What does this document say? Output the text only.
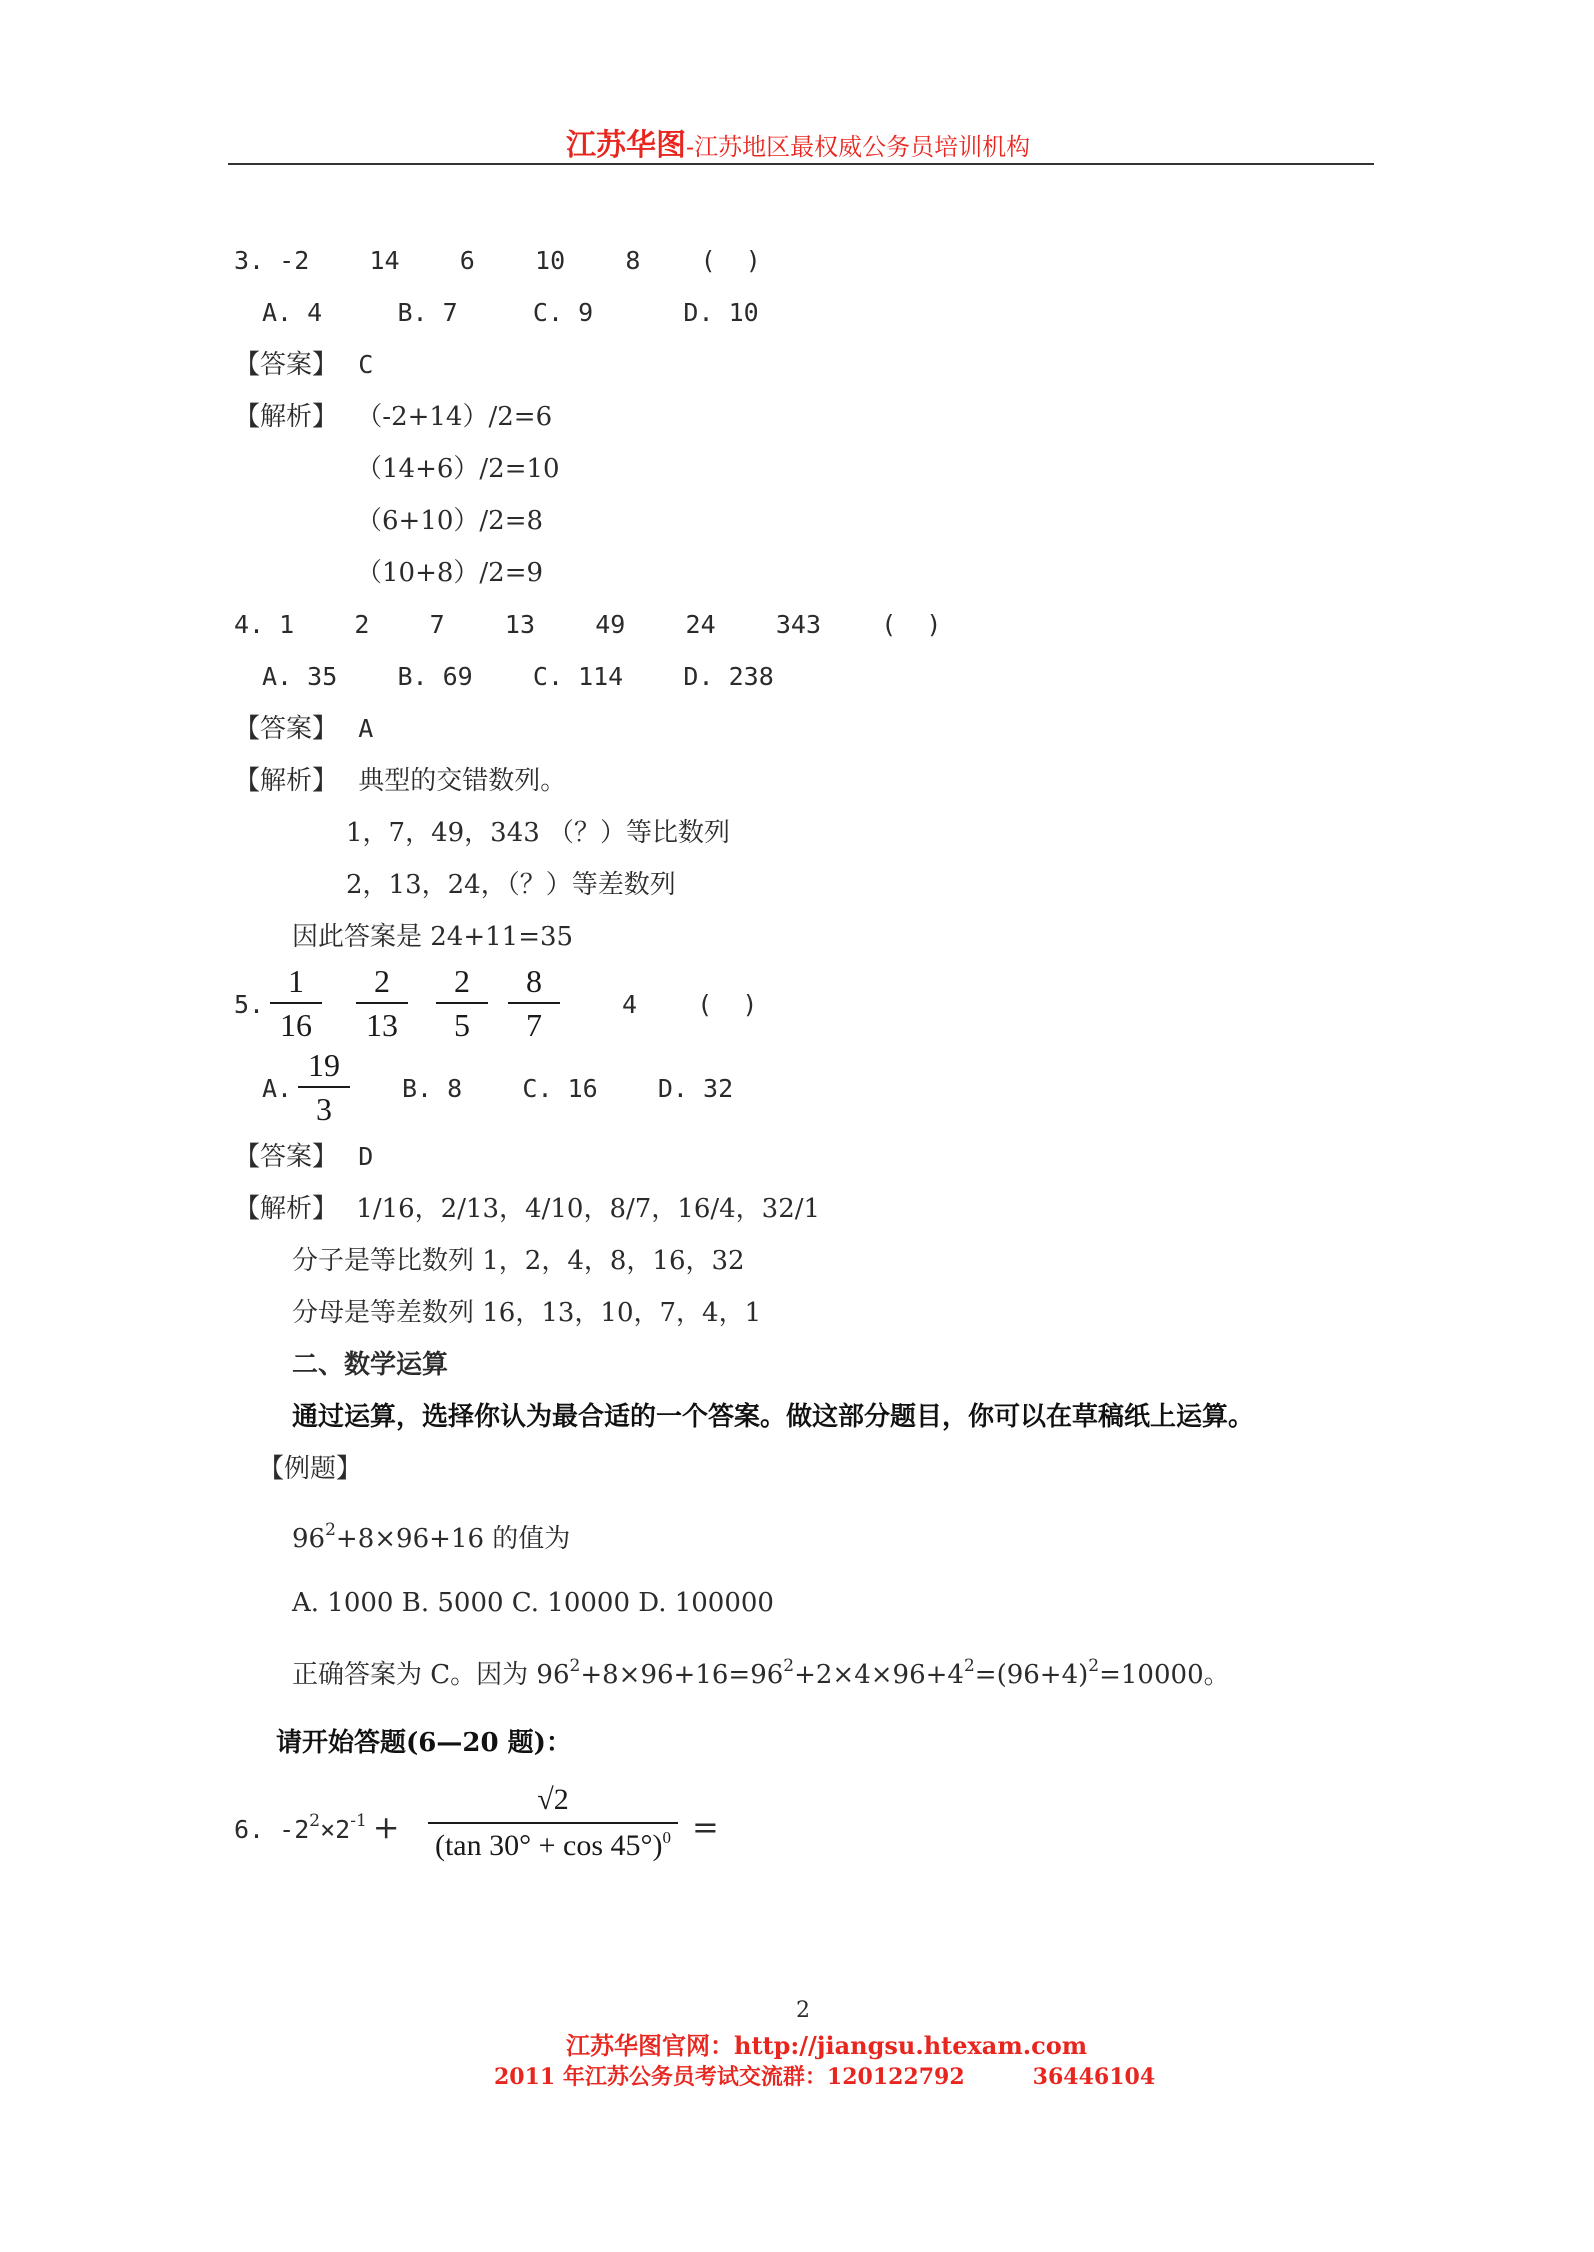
江苏华图-江苏地区最权威公务员培训机构
3. -2    14    6    10    8    (  )
A. 4     B. 7     C. 9      D. 10
【答案】 C
【解析】 （-2+14）/2=6
（14+6）/2=10
（6+10）/2=8
（10+8）/2=9
4. 1    2    7    13    49    24    343    (  )
A. 35    B. 69    C. 114    D. 238
【答案】 A
【解析】 典型的交错数列。
1，7，49，343 （？）等比数列
2，13，24，（？）等差数列
因此答案是 24+11=35
5.
1
16
2
13
2
5
8
7
4    (  )
A.
19
3
B. 8    C. 16    D. 32
【答案】 D
【解析】 1/16，2/13，4/10，8/7，16/4，32/1
分子是等比数列 1，2，4，8，16，32
分母是等差数列 16，13，10，7，4，1
二、数学运算
通过运算，选择你认为最合适的一个答案。做这部分题目，你可以在草稿纸上运算。
【例题】
$96^2+8\times 96+16$ 的值为
A. 1000 B. 5000 C. 10000 D. 100000
正确答案为 C。因为 $96^2+8\times 96+16=96^2+2\times 4\times 96+4^2=(96+4)^2=10000$。
请开始答题(6—20 题)：
6. $-2^2\times 2^{-1}$ +
√2
(tan 30° + cos 45°)$^0$ =
2
江苏华图官网：http://jiangsu.htexam.com
2011 年江苏公务员考试交流群：120122792	36446104
